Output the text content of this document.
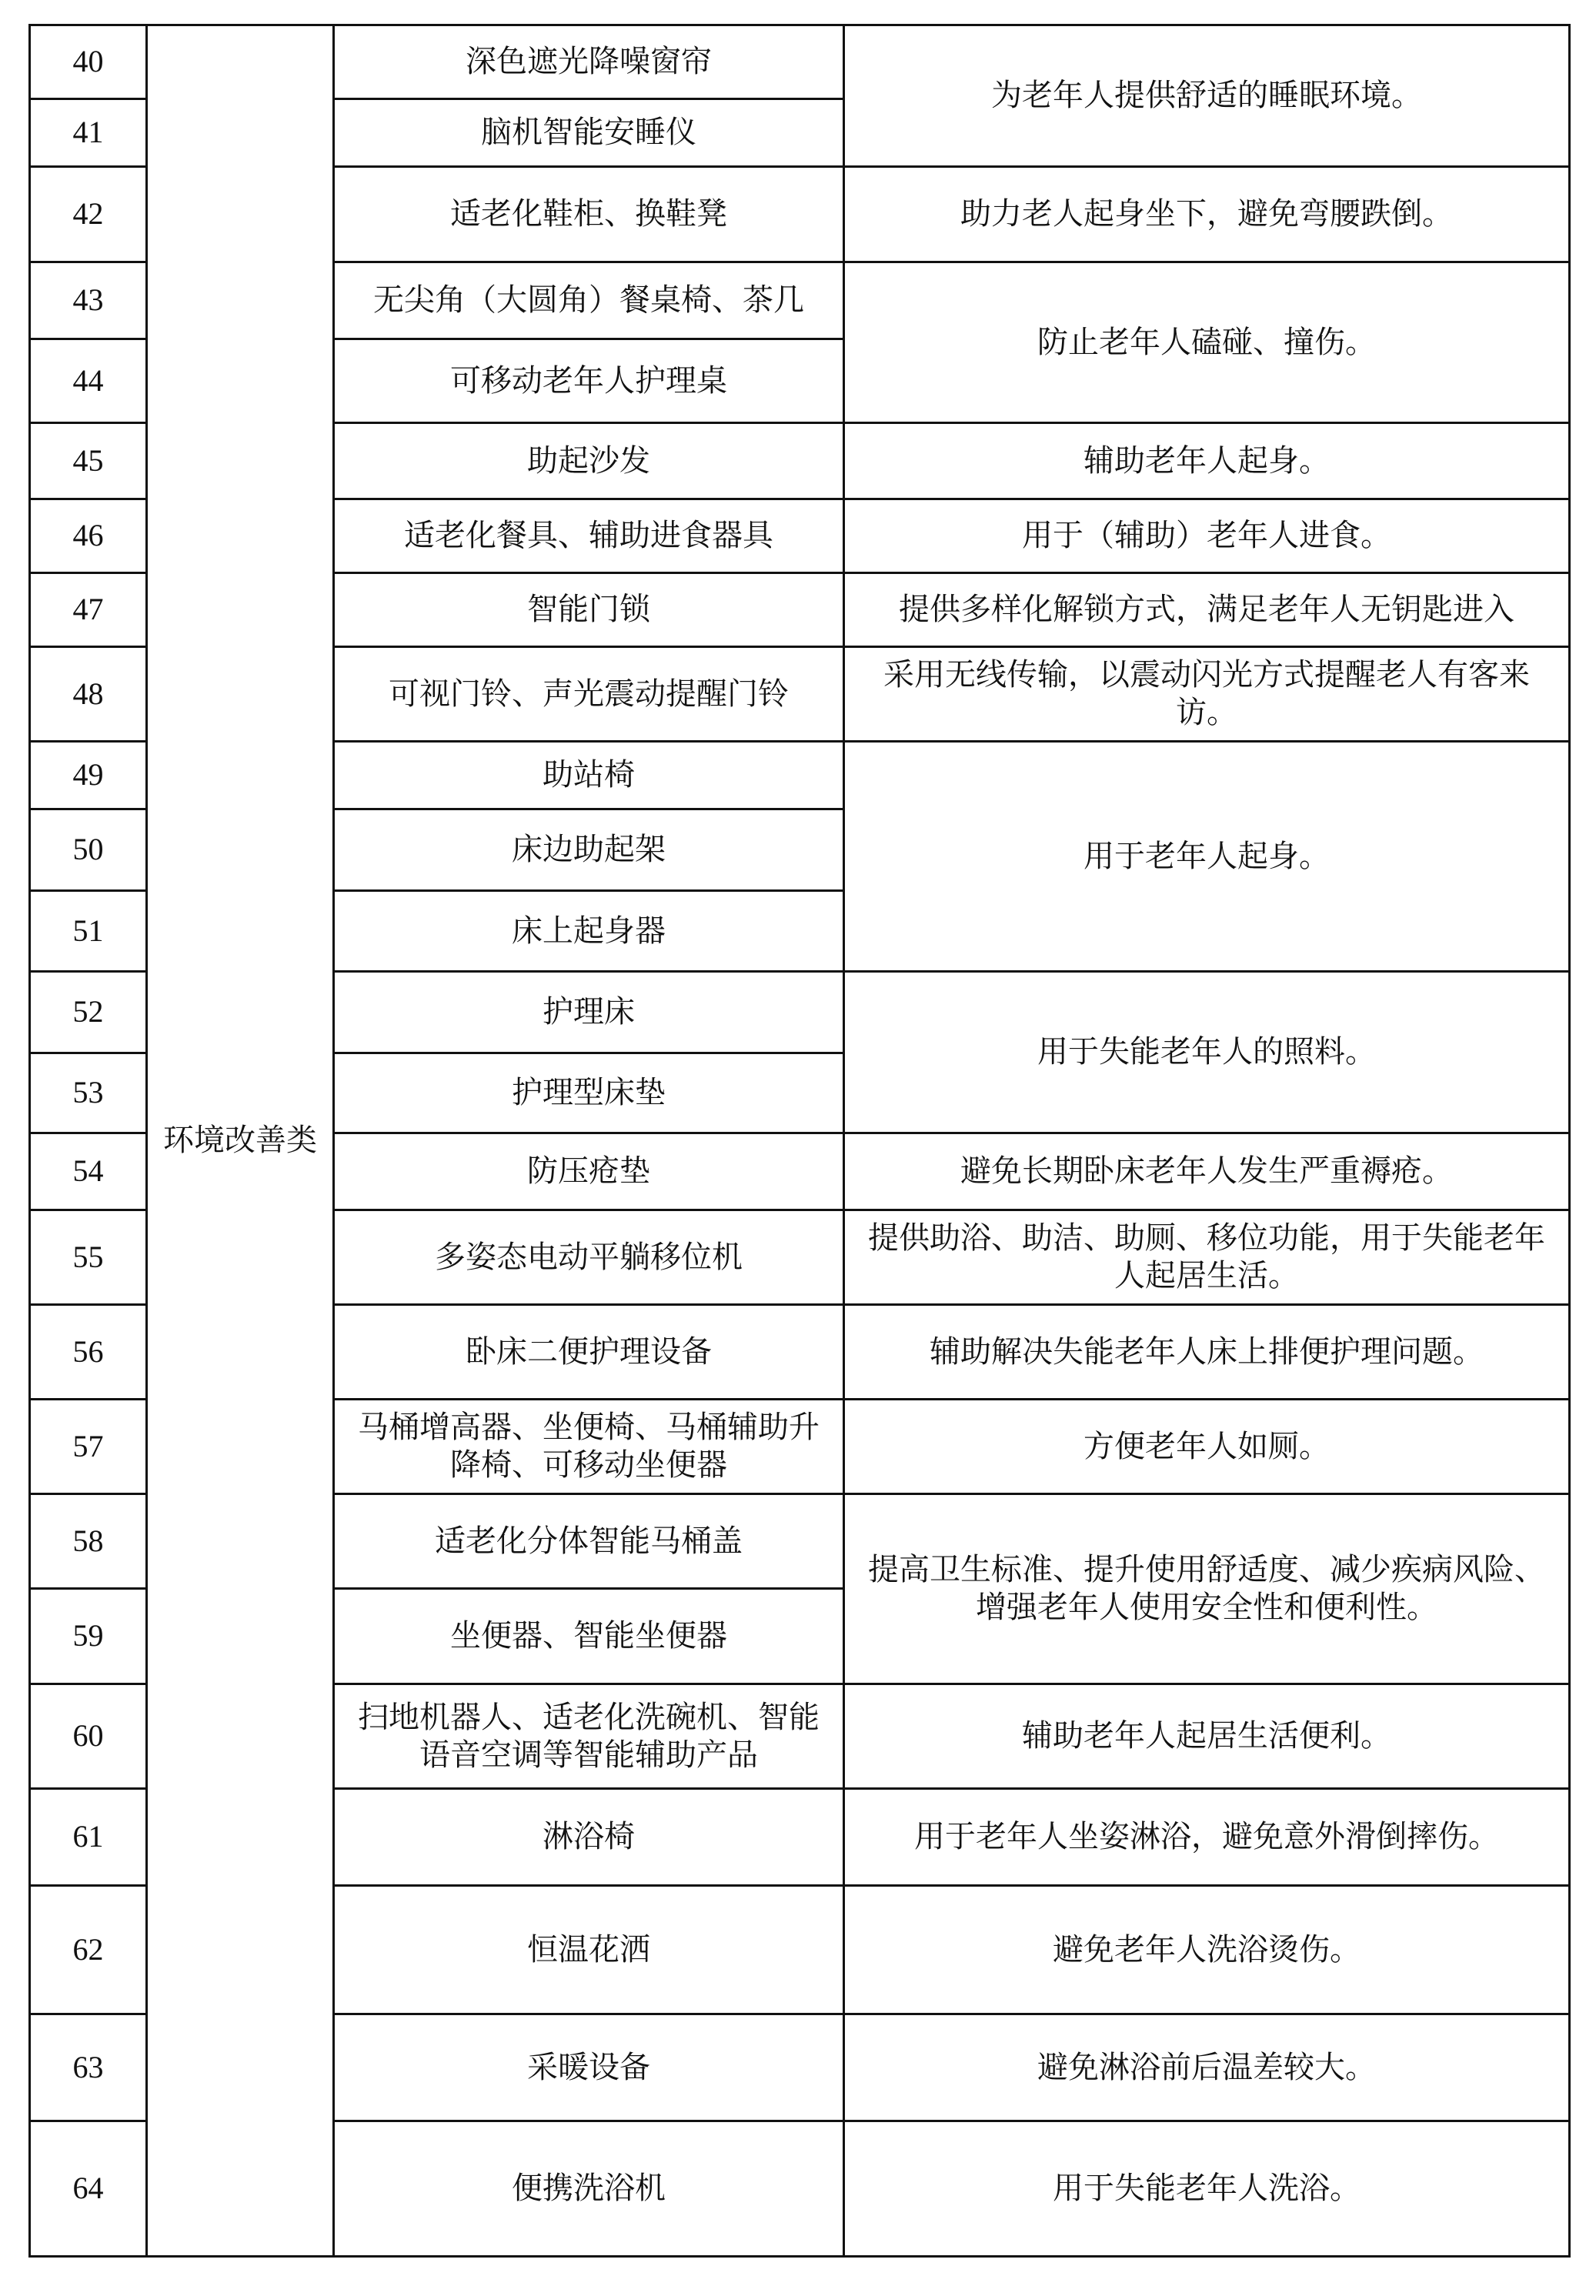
40	环境改善类	深色遮光降噪窗帘	为老年人提供舒适的睡眠环境。
41		脑机智能安睡仪	
42		适老化鞋柜、换鞋凳	助力老人起身坐下，避免弯腰跌倒。
43		无尖角（大圆角）餐桌椅、茶几	防止老年人磕碰、撞伤。
44		可移动老年人护理桌	
45		助起沙发	辅助老年人起身。
46		适老化餐具、辅助进食器具	用于（辅助）老年人进食。
47		智能门锁	提供多样化解锁方式，满足老年人无钥匙进入
48		可视门铃、声光震动提醒门铃	采用无线传输，以震动闪光方式提醒老人有客来访。
49		助站椅	用于老年人起身。
50		床边助起架	
51		床上起身器	
52		护理床	用于失能老年人的照料。
53		护理型床垫	
54		防压疮垫	避免长期卧床老年人发生严重褥疮。
55		多姿态电动平躺移位机	提供助浴、助洁、助厕、移位功能，用于失能老年人起居生活。
56		卧床二便护理设备	辅助解决失能老年人床上排便护理问题。
57		马桶增高器、坐便椅、马桶辅助升降椅、可移动坐便器	方便老年人如厕。
58		适老化分体智能马桶盖	提高卫生标准、提升使用舒适度、减少疾病风险、增强老年人使用安全性和便利性。
59		坐便器、智能坐便器	
60		扫地机器人、适老化洗碗机、智能语音空调等智能辅助产品	辅助老年人起居生活便利。
61		淋浴椅	用于老年人坐姿淋浴，避免意外滑倒摔伤。
62		恒温花洒	避免老年人洗浴烫伤。
63		采暖设备	避免淋浴前后温差较大。
64		便携洗浴机	用于失能老年人洗浴。
